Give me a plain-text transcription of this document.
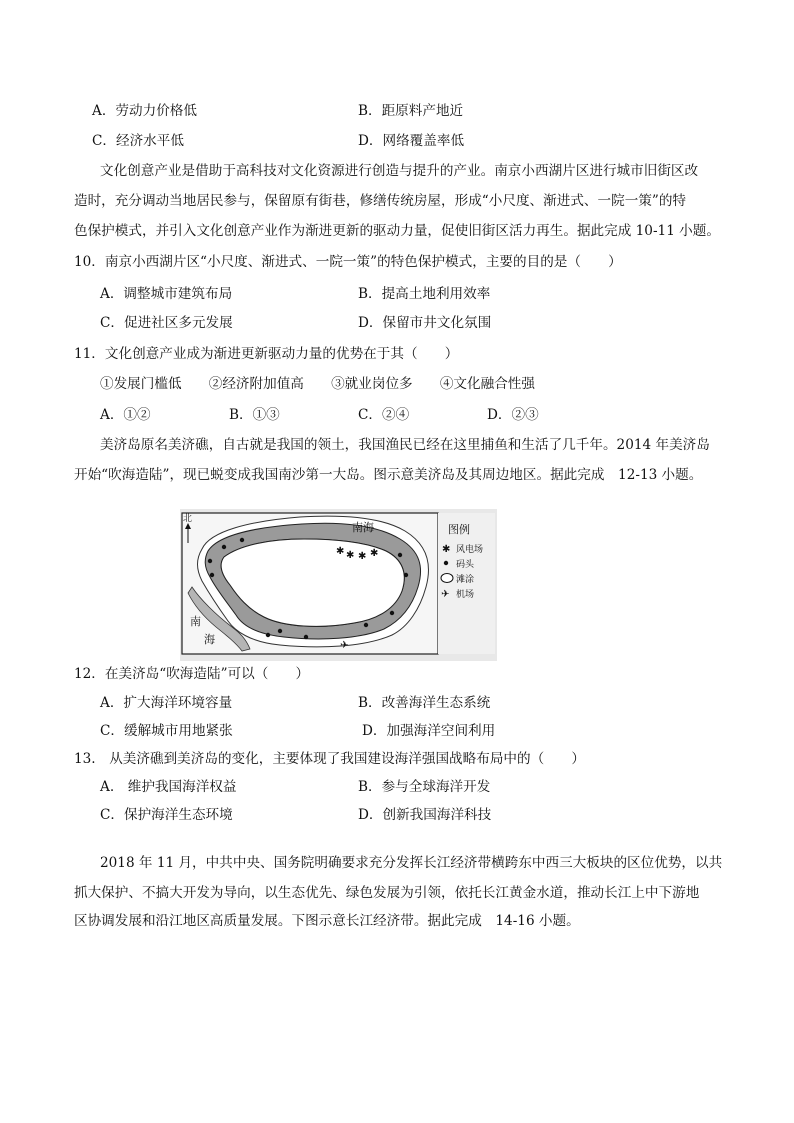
A．劳动力价格低	B．距原料产地近
C．经济水平低	D．网络覆盖率低
文化创意产业是借助于高科技对文化资源进行创造与提升的产业。南京小西湖片区进行城市旧街区改
造时，充分调动当地居民参与，保留原有街巷，修缮传统房屋，形成“小尺度、渐进式、一院一策”的特
色保护模式，并引入文化创意产业作为渐进更新的驱动力量，促使旧街区活力再生。据此完成 10-11 小题。
10．南京小西湖片区“小尺度、渐进式、一院一策”的特色保护模式，主要的目的是（　　）
A．调整城市建筑布局	B．提高土地利用效率
C．促进社区多元发展	D．保留市井文化氛围
11．文化创意产业成为渐进更新驱动力量的优势在于其（　　）
①发展门槛低　　②经济附加值高　　③就业岗位多　　④文化融合性强
A．①②	B．①③	C．②④	D．②③
美济岛原名美济礁，自古就是我国的领土，我国渔民已经在这里捕鱼和生活了几千年。2014 年美济岛
开始“吹海造陆”，现已蜕变成我国南沙第一大岛。图示意美济岛及其周边地区。据此完成　12-13 小题。
✱ ✱ ✱ ✱
✈
北
南海
南
海
图例
✱ 风电场
码头
滩涂
✈ 机场
12．在美济岛“吹海造陆”可以（　　）
A．扩大海洋环境容量	B．改善海洋生态系统
C．缓解城市用地紧张	D．加强海洋空间利用
13.　从美济礁到美济岛的变化，主要体现了我国建设海洋强国战略布局中的（　　）
A.　维护我国海洋权益	B．参与全球海洋开发
C．保护海洋生态环境	D．创新我国海洋科技
2018 年 11 月，中共中央、国务院明确要求充分发挥长江经济带横跨东中西三大板块的区位优势，以共
抓大保护、不搞大开发为导向，以生态优先、绿色发展为引领，依托长江黄金水道，推动长江上中下游地
区协调发展和沿江地区高质量发展。下图示意长江经济带。据此完成　14-16 小题。
